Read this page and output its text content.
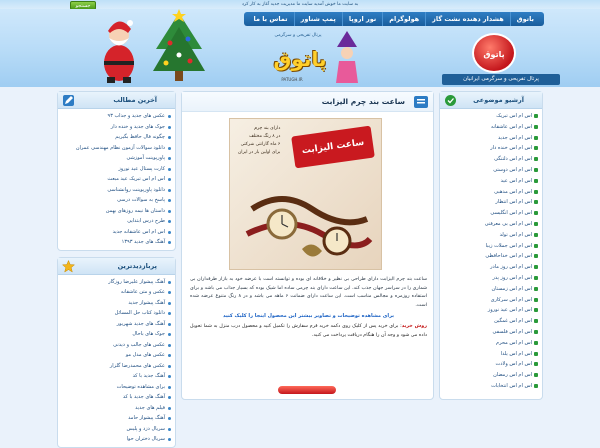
به سایت ما خوش آمدید سایت ما مدیریت جدید آغاز به کار کرد
جستجو
پرتال تفریحی و سرگرمی
پاتوق
PATUGH.IR
باتوق
هشدار دهنده نشت گاز
هولوگرام
نور اروپا
پمپ شناور
تماس با ما
پاتوق
پرتال تفریحی و سرگرمی ایرانیان
آخرین مطالب
عکس های جدید و جذاب ۹۳
جوک های جدید و خنده دار
چگونه فال حافظ بگیریم
دانلود سوالات آزمون نظام مهندسی عمران
پاورپوینت آموزشی
کارت پستال عید نوروز
اس ام اس تبریک عید مبعث
دانلود پاورپوینت روانشناسی
پاسخ به سوالات درسی
داستان ها نیمه روزهای بهمن
طرح درس ابتدایی
اس ام اس عاشقانه جدید
آهنگ های جدید ۱۳۹۳
پربازدیدترین
آهنگ پیشواز علیرضا روزگار
عکس و متن عاشقانه
آهنگ پیشواز جدید
دانلود کتاب حل المسائل
آهنگ های جدید شهریور
جوک های باحال
عکس های جالب و دیدنی
عکس های مدل مو
عکس های محمدرضا گلزار
آهنگ جدید با کد
برای مشاهده توضیحات
آهنگ های جدید با کد
فیلم های جدید
آهنگ پیشواز حامد
سریال دزد و پلیس
سریال دختران حوا
ساعت بند چرم الیزابت
دارای بند چرم
در ۸ رنگ مختلف
۶ ماه گارانتی شرکتی
برای اولین بار در ایران	ساعت الیزابت

ساعت بند چرم الیزابت دارای طراحی بی نظیر و خلاقانه ای بوده و توانسته است با عرضه خود به بازار طرفداران بی شماری را در سراسر جهان جذب کند. این ساعت دارای بند چرمی ساده اما شیک بوده که بسیار جذاب می باشد و برای استفاده روزمره و مجالس مناسب است. این ساعت دارای ضمانت ۶ ماهه می باشد و در ۸ رنگ متنوع عرضه شده است.

برای مشاهده توضیحات و تصاویر بیشتر این محصول اینجا را کلیک کنید

روش خرید: برای خرید پس از کلیک روی دکمه خرید فرم سفارش را تکمیل کنید و محصول درب منزل به شما تحویل داده می شود و وجه آن را هنگام دریافت پرداخت می کنید.

آرشیو موضوعی
اس ام اس تبریک
اس ام اس عاشقانه
اس ام اس جدید
اس ام اس خنده دار
اس ام اس دلتنگی
اس ام اس دوستی
اس ام اس عید
اس ام اس مذهبی
اس ام اس انتظار
اس ام اس انگلیسی
اس ام اس بی معرفتی
اس ام اس تولد
اس ام اس جملات زیبا
اس ام اس خداحافظی
اس ام اس روز مادر
اس ام اس روز پدر
اس ام اس زمستان
اس ام اس سرکاری
اس ام اس عید نوروز
اس ام اس غمگین
اس ام اس فلسفی
اس ام اس محرم
اس ام اس یلدا
اس ام اس ولادت
اس ام اس رمضان
اس ام اس انتخابات
